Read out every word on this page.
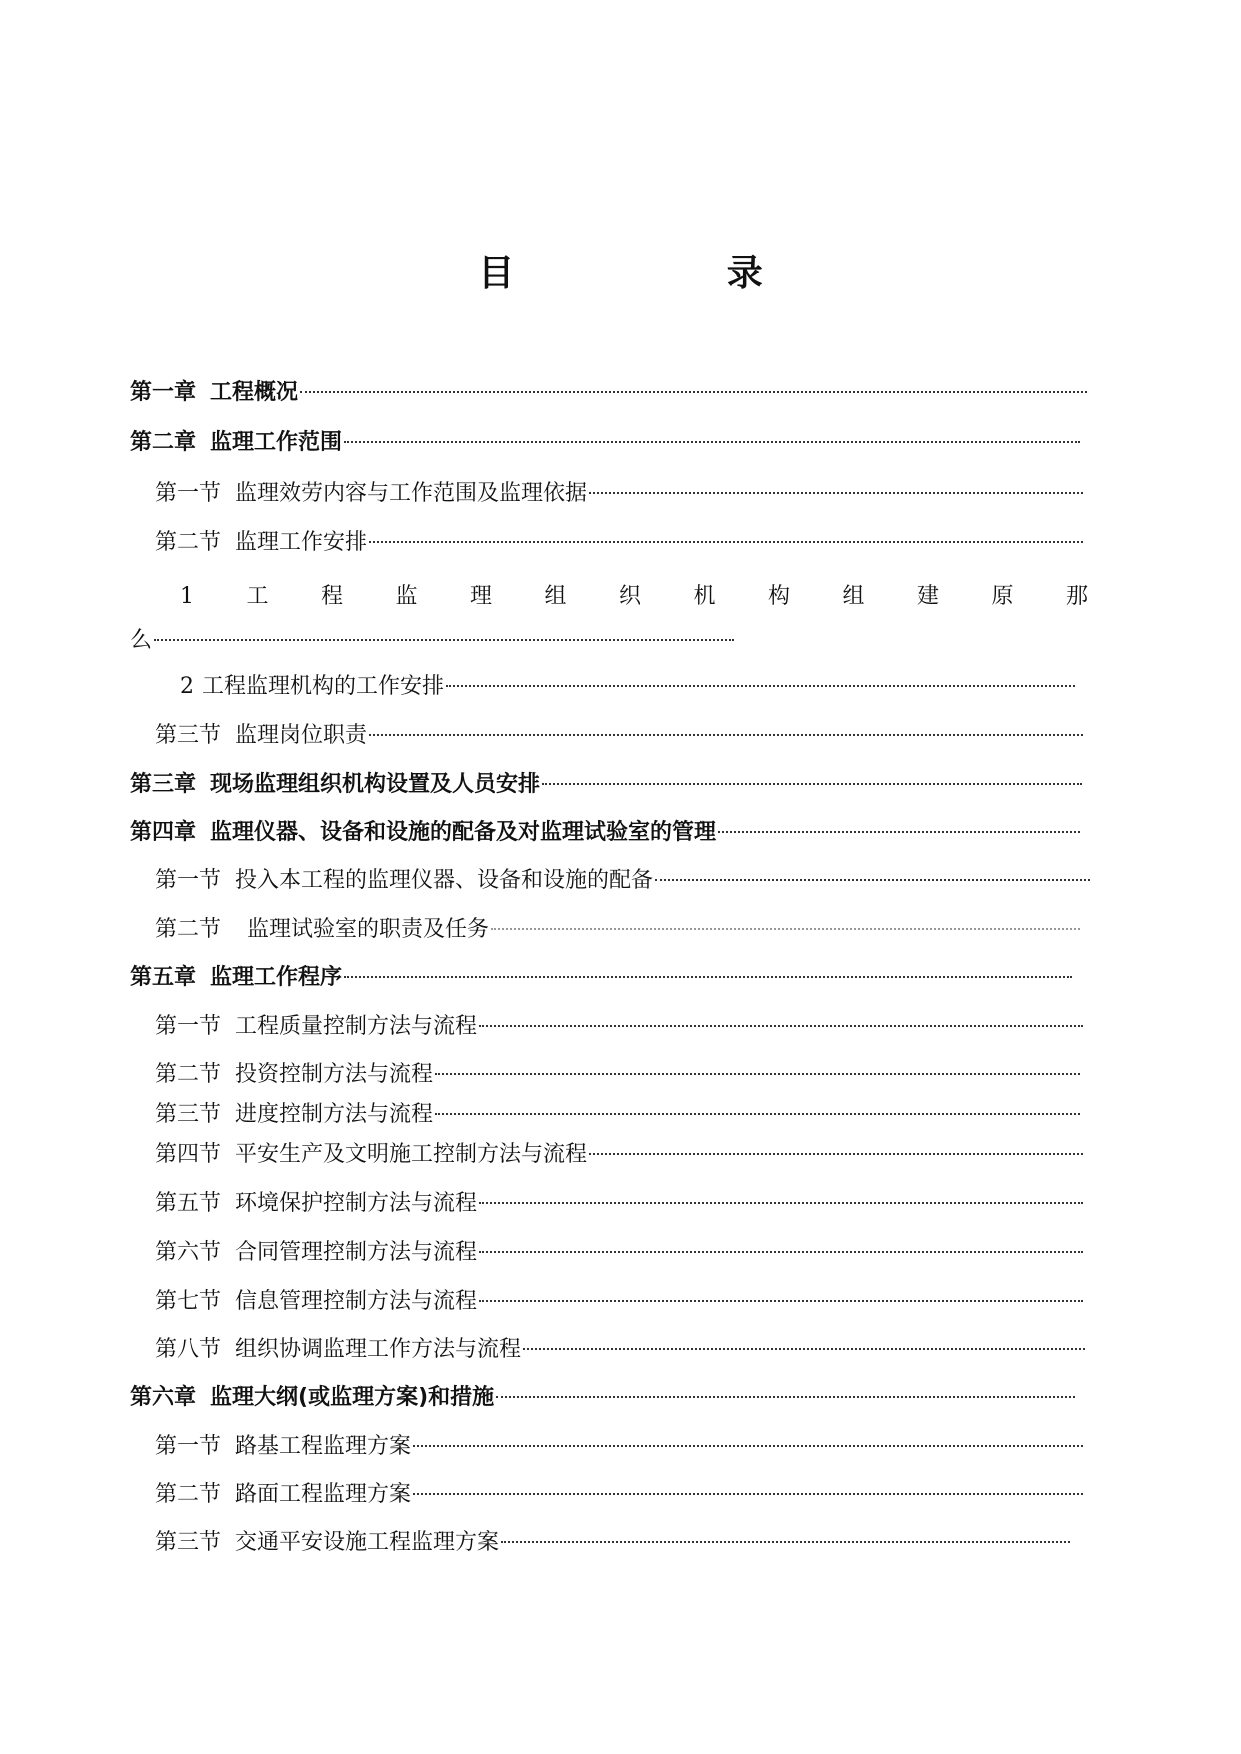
目 录
第一章 工程概况
第二章 监理工作范围
第一节 监理效劳内容与工作范围及监理依据
第二节 监理工作安排
1 工 程 监 理 组 织 机 构 组 建 原 那
么
2 工程监理机构的工作安排
第三节 监理岗位职责
第三章 现场监理组织机构设置及人员安排
第四章 监理仪器、设备和设施的配备及对监理试验室的管理
第一节 投入本工程的监理仪器、设备和设施的配备
第二节 监理试验室的职责及任务
第五章 监理工作程序
第一节 工程质量控制方法与流程
第二节 投资控制方法与流程
第三节 进度控制方法与流程
第四节 平安生产及文明施工控制方法与流程
第五节 环境保护控制方法与流程
第六节 合同管理控制方法与流程
第七节 信息管理控制方法与流程
第八节 组织协调监理工作方法与流程
第六章 监理大纲(或监理方案)和措施
第一节 路基工程监理方案
第二节 路面工程监理方案
第三节 交通平安设施工程监理方案
